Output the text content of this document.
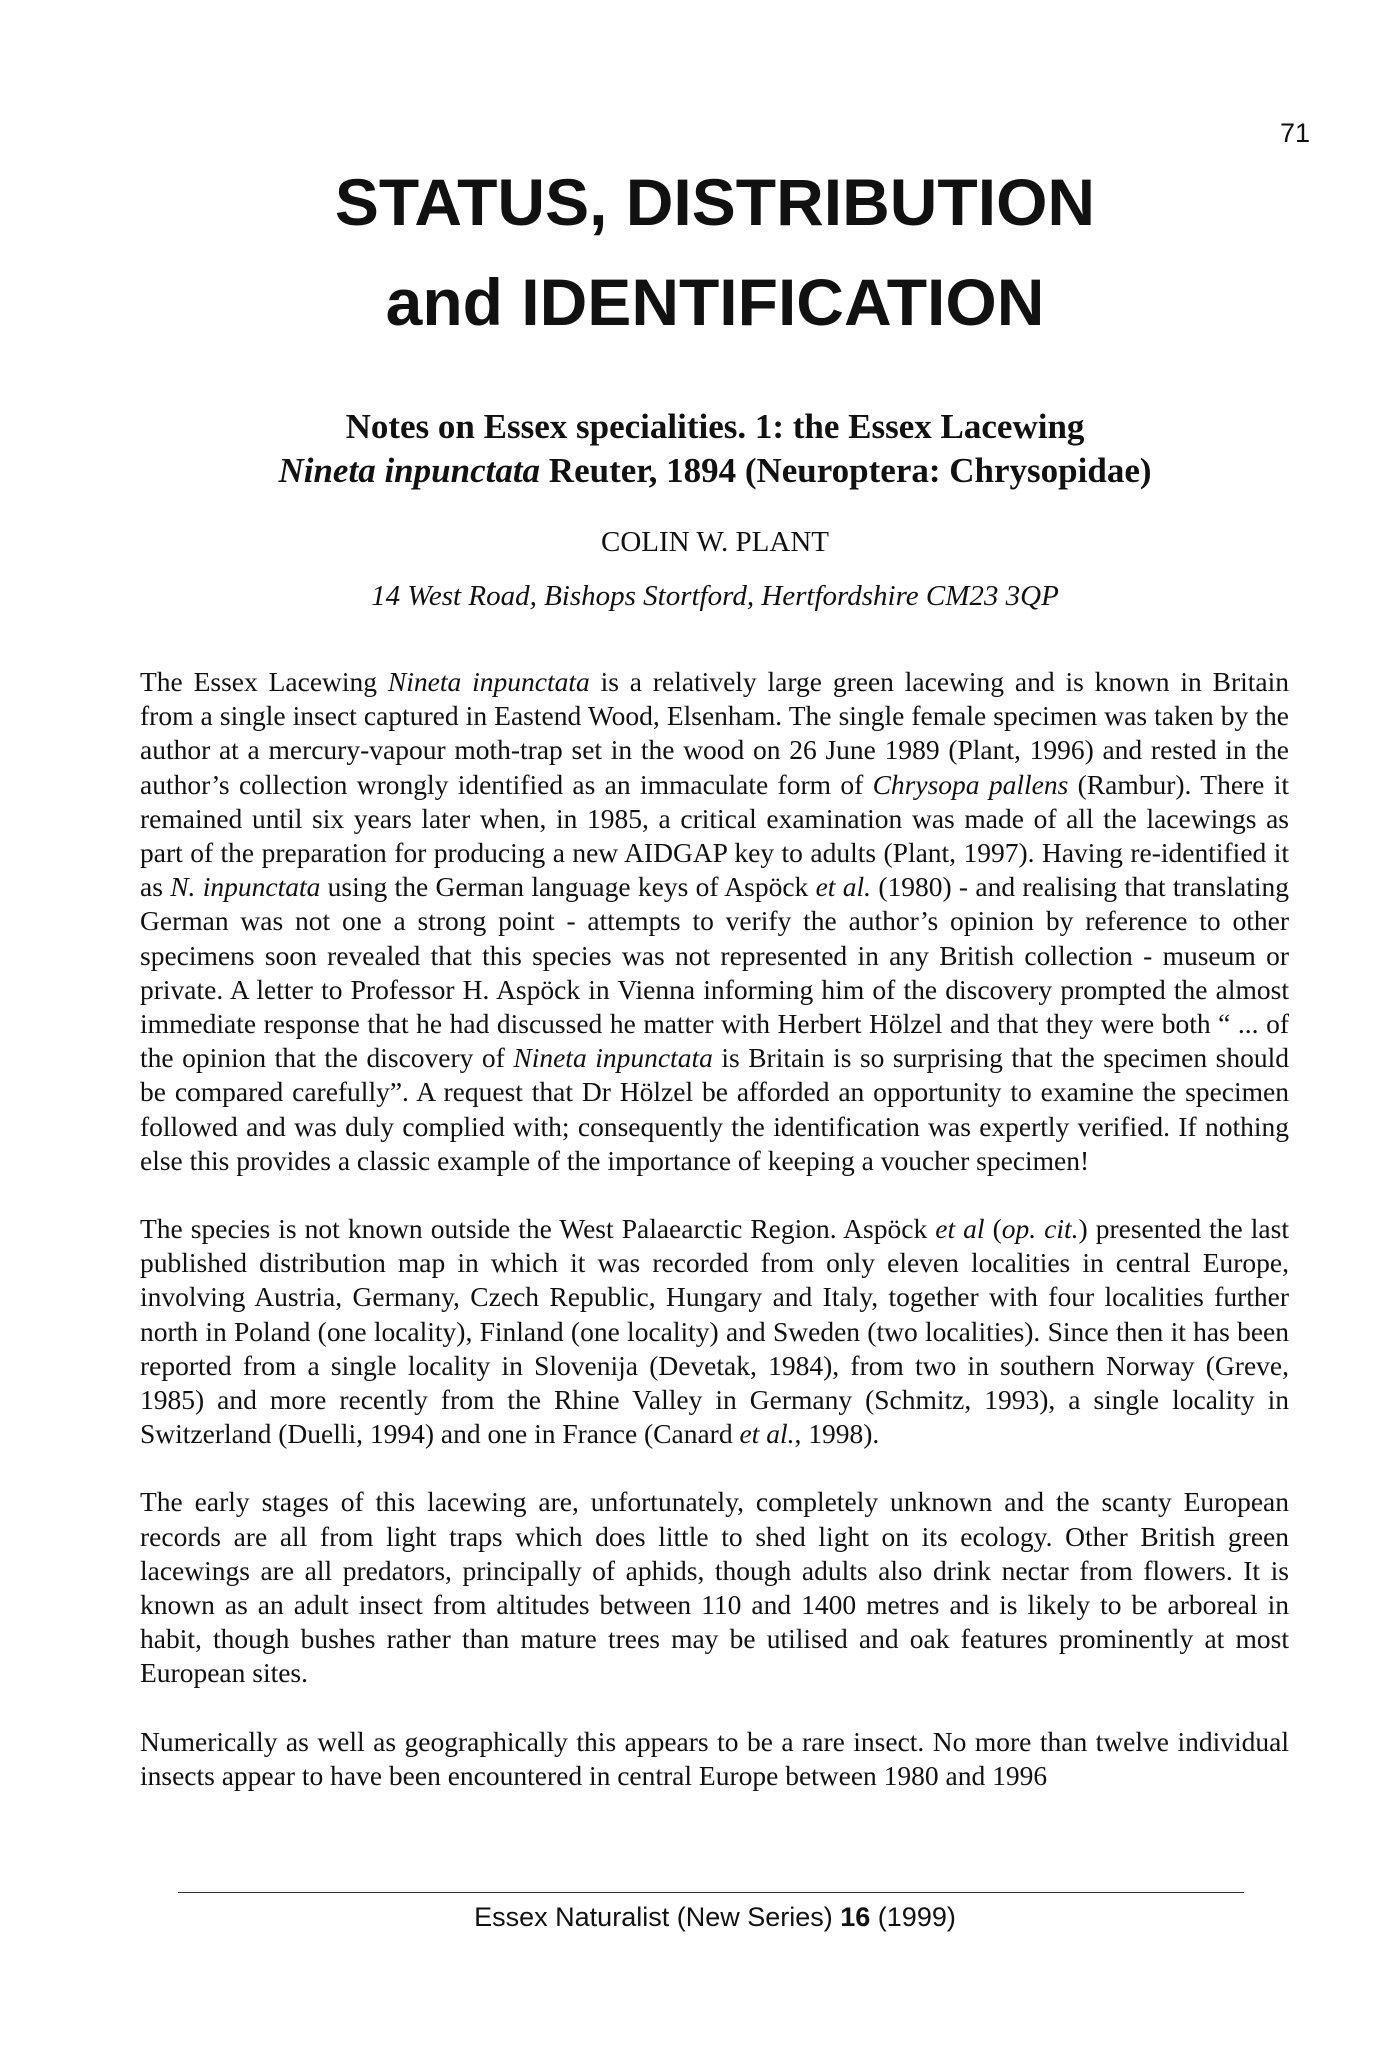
71
STATUS, DISTRIBUTION
and IDENTIFICATION
Notes on Essex specialities. 1: the Essex Lacewing
Nineta inpunctata Reuter, 1894 (Neuroptera: Chrysopidae)
COLIN W. PLANT
14 West Road, Bishops Stortford, Hertfordshire CM23 3QP

The Essex Lacewing Nineta inpunctata is a relatively large green lacewing and is known in Britain from a single insect captured in Eastend Wood, Elsenham. The single female specimen was taken by the author at a mercury-vapour moth-trap set in the wood on 26 June 1989 (Plant, 1996) and rested in the author’s collection wrongly identified as an immaculate form of Chrysopa pallens (Rambur). There it remained until six years later when, in 1985, a critical examination was made of all the lacewings as part of the preparation for producing a new AIDGAP key to adults (Plant, 1997). Having re-identified it as N. inpunctata using the German language keys of Aspöck et al. (1980) - and realising that translating German was not one a strong point - attempts to verify the author’s opinion by reference to other specimens soon revealed that this species was not represented in any British collection - museum or private. A letter to Professor H. Aspöck in Vienna informing him of the discovery prompted the almost immediate response that he had discussed he matter with Herbert Hölzel and that they were both “ ... of the opinion that the discovery of Nineta inpunctata is Britain is so surprising that the specimen should be compared carefully”. A request that Dr Hölzel be afforded an opportunity to examine the specimen followed and was duly complied with; consequently the identification was expertly verified. If nothing else this provides a classic example of the importance of keeping a voucher specimen!

The species is not known outside the West Palaearctic Region. Aspöck et al (op. cit.) presented the last published distribution map in which it was recorded from only eleven localities in central Europe, involving Austria, Germany, Czech Republic, Hungary and Italy, together with four localities further north in Poland (one locality), Finland (one locality) and Sweden (two localities). Since then it has been reported from a single locality in Slovenija (Devetak, 1984), from two in southern Norway (Greve, 1985) and more recently from the Rhine Valley in Germany (Schmitz, 1993), a single locality in Switzerland (Duelli, 1994) and one in France (Canard et al., 1998).

The early stages of this lacewing are, unfortunately, completely unknown and the scanty European records are all from light traps which does little to shed light on its ecology. Other British green lacewings are all predators, principally of aphids, though adults also drink nectar from flowers. It is known as an adult insect from altitudes between 110 and 1400 metres and is likely to be arboreal in habit, though bushes rather than mature trees may be utilised and oak features prominently at most European sites.

Numerically as well as geographically this appears to be a rare insect. No more than twelve individual insects appear to have been encountered in central Europe between 1980 and 1996

Essex Naturalist (New Series) 16 (1999)
